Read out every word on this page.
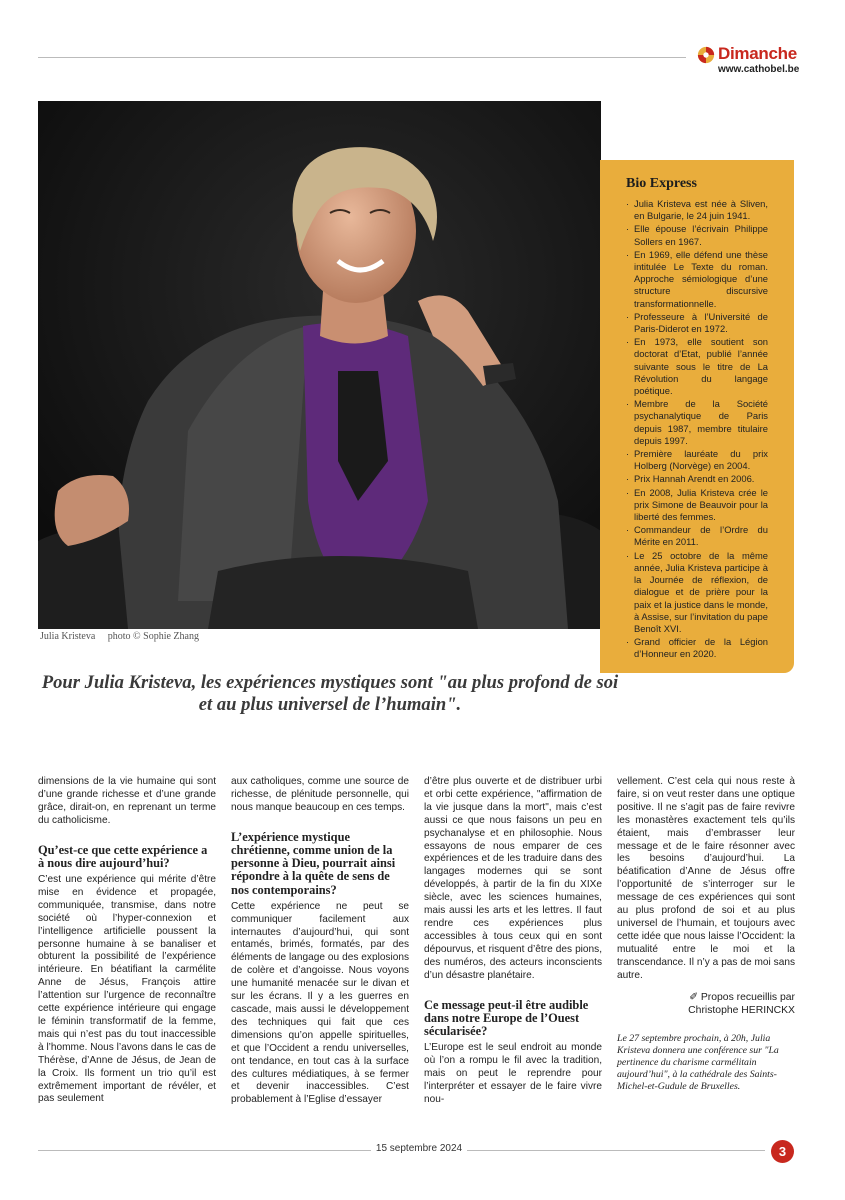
Dimanche
www.cathobel.be
Julia Kristeva photo © Sophie Zhang
Bio Express
· Julia Kristeva est née à Sliven, en Bulgarie, le 24 juin 1941.
· Elle épouse l’écrivain Philippe Sollers en 1967.
· En 1969, elle défend une thèse intitulée Le Texte du roman. Approche sémiologique d’une structure discursive transformationnelle.
· Professeure à l’Université de Paris-Diderot en 1972.
· En 1973, elle soutient son doctorat d’Etat, publié l’année suivante sous le titre de La Révolution du langage poétique.
· Membre de la Société psychanalytique de Paris depuis 1987, membre titulaire depuis 1997.
· Première lauréate du prix Holberg (Norvège) en 2004.
· Prix Hannah Arendt en 2006.
· En 2008, Julia Kristeva crée le prix Simone de Beauvoir pour la liberté des femmes.
· Commandeur de l’Ordre du Mérite en 2011.
· Le 25 octobre de la même année, Julia Kristeva participe à la Journée de réflexion, de dialogue et de prière pour la paix et la justice dans le monde, à Assise, sur l’invitation du pape Benoît XVI.
· Grand officier de la Légion d’Honneur en 2020.
Pour Julia Kristeva, les expériences mystiques sont "au plus profond de soi et au plus universel de l’humain".

dimensions de la vie humaine qui sont d’une grande richesse et d’une grande grâce, dirait-on, en reprenant un terme du catholicisme.

Qu’est-ce que cette expérience a à nous dire aujourd’hui?

C’est une expérience qui mérite d’être mise en évidence et propagée, communiquée, transmise, dans notre société où l’hyper-connexion et l’intelligence artificielle poussent la personne humaine à se banaliser et obturent la possibilité de l’expérience intérieure. En béatifiant la carmélite Anne de Jésus, François attire l’attention sur l’urgence de reconnaître cette expérience intérieure qui engage le féminin transformatif de la femme, mais qui n’est pas du tout inaccessible à l’homme. Nous l’avons dans le cas de Thérèse, d’Anne de Jésus, de Jean de la Croix. Ils forment un trio qu’il est extrêmement important de révéler, et pas seulement

aux catholiques, comme une source de richesse, de plénitude personnelle, qui nous manque beaucoup en ces temps.

L’expérience mystique chrétienne, comme union de la personne à Dieu, pourrait ainsi répondre à la quête de sens de nos contemporains?

Cette expérience ne peut se communiquer facilement aux internautes d’aujourd’hui, qui sont entamés, brimés, formatés, par des éléments de langage ou des explosions de colère et d’angoisse. Nous voyons une humanité menacée sur le divan et sur les écrans. Il y a les guerres en cascade, mais aussi le développement des techniques qui fait que ces dimensions qu’on appelle spirituelles, et que l’Occident a rendu universelles, ont tendance, en tout cas à la surface des cultures médiatiques, à se fermer et devenir inaccessibles. C’est probablement à l’Eglise d’essayer

d’être plus ouverte et de distribuer urbi et orbi cette expérience, "affirmation de la vie jusque dans la mort", mais c’est aussi ce que nous faisons un peu en psychanalyse et en philosophie. Nous essayons de nous emparer de ces expériences et de les traduire dans des langages modernes qui se sont développés, à partir de la fin du XIXe siècle, avec les sciences humaines, mais aussi les arts et les lettres. Il faut rendre ces expériences plus accessibles à tous ceux qui en sont dépourvus, et risquent d’être des pions, des numéros, des acteurs inconscients d’un désastre planétaire.

Ce message peut-il être audible dans notre Europe de l’Ouest sécularisée?

L’Europe est le seul endroit au monde où l’on a rompu le fil avec la tradition, mais on peut le reprendre pour l’interpréter et essayer de le faire vivre nou-

vellement. C’est cela qui nous reste à faire, si on veut rester dans une optique positive. Il ne s’agit pas de faire revivre les monastères exactement tels qu’ils étaient, mais d’embrasser leur message et de le faire résonner avec les besoins d’aujourd’hui. La béatification d’Anne de Jésus offre l’opportunité de s’interroger sur le message de ces expériences qui sont au plus profond de soi et au plus universel de l’humain, et toujours avec cette idée que nous laisse l’Occident: la mutualité entre le moi et la transcendance. Il n’y a pas de moi sans autre.

✐ Propos recueillis par
Christophe HERINCKX

Le 27 septembre prochain, à 20h, Julia Kristeva donnera une conférence sur "La pertinence du charisme carmélitain aujourd’hui", à la cathédrale des Saints-Michel-et-Gudule de Bruxelles.

15 septembre 2024	3
